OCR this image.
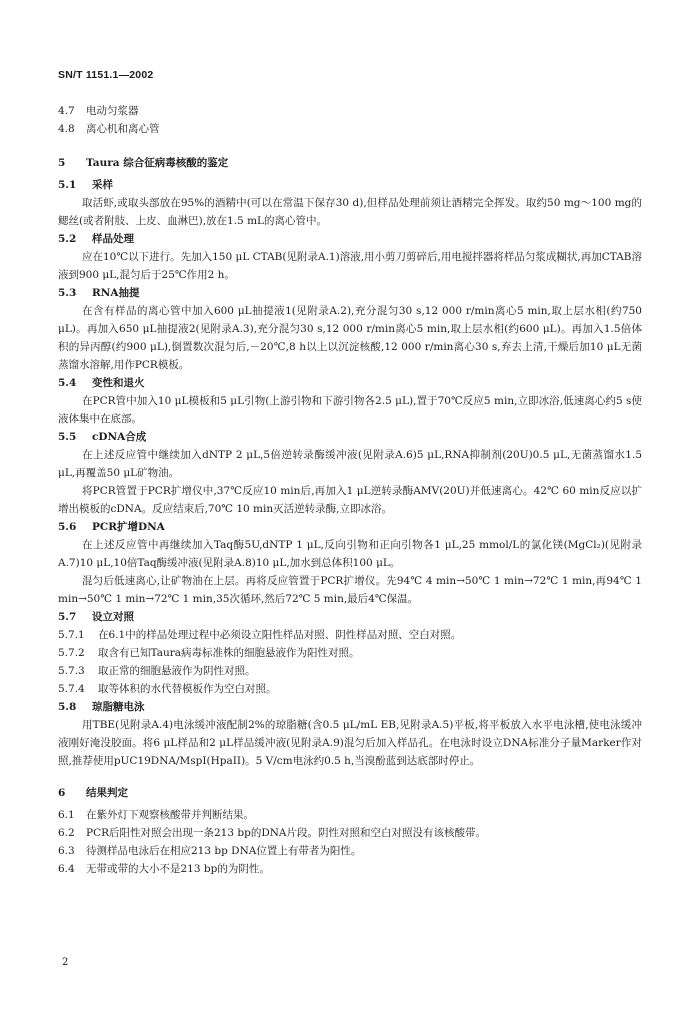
SN/T 1151.1—2002
4.7	电动匀浆器
4.8	离心机和离心管
5	Taura 综合征病毒核酸的鉴定
5.1	采样
取活虾,或取头部放在95%的酒精中(可以在常温下保存30 d),但样品处理前须让酒精完全挥发。取约50 mg～100 mg的鳃丝(或者附肢、上皮、血淋巴),放在1.5 mL的离心管中。
5.2	样品处理
应在10℃以下进行。先加入150 μL CTAB(见附录A.1)溶液,用小剪刀剪碎后,用电搅拌器将样品匀浆成糊状,再加CTAB溶液到900 μL,混匀后于25℃作用2 h。
5.3	RNA抽提
在含有样品的离心管中加入600 μL抽提液1(见附录A.2),充分混匀30 s,12 000 r/min离心5 min,取上层水相(约750 μL)。再加入650 μL抽提液2(见附录A.3),充分混匀30 s,12 000 r/min离心5 min,取上层水相(约600 μL)。再加入1.5倍体积的异丙醇(约900 μL),倒置数次混匀后,－20℃,8 h以上以沉淀核酸,12 000 r/min离心30 s,弃去上清,干燥后加10 μL无菌蒸馏水溶解,用作PCR模板。
5.4	变性和退火
在PCR管中加入10 μL模板和5 μL引物(上游引物和下游引物各2.5 μL),置于70℃反应5 min,立即冰浴,低速离心约5 s使液体集中在底部。
5.5	cDNA合成
在上述反应管中继续加入dNTP 2 μL,5倍逆转录酶缓冲液(见附录A.6)5 μL,RNA抑制剂(20U)0.5 μL,无菌蒸馏水1.5 μL,再覆盖50 μL矿物油。
将PCR管置于PCR扩增仪中,37℃反应10 min后,再加入1 μL逆转录酶AMV(20U)并低速离心。42℃ 60 min反应以扩增出模板的cDNA。反应结束后,70℃ 10 min灭活逆转录酶,立即冰浴。
5.6	PCR扩增DNA
在上述反应管中再继续加入Taq酶5U,dNTP 1 μL,反向引物和正向引物各1 μL,25 mmol/L的氯化镁(MgCl₂)(见附录A.7)10 μL,10倍Taq酶缓冲液(见附录A.8)10 μL,加水到总体积100 μL。
混匀后低速离心,让矿物油在上层。再将反应管置于PCR扩增仪。先94℃ 4 min→50℃ 1 min→72℃ 1 min,再94℃ 1 min→50℃ 1 min→72℃ 1 min,35次循环,然后72℃ 5 min,最后4℃保温。
5.7	设立对照
5.7.1	在6.1中的样品处理过程中必须设立阳性样品对照、阴性样品对照、空白对照。
5.7.2	取含有已知Taura病毒标准株的细胞悬液作为阳性对照。
5.7.3	取正常的细胞悬液作为阴性对照。
5.7.4	取等体积的水代替模板作为空白对照。
5.8	琼脂糖电泳
用TBE(见附录A.4)电泳缓冲液配制2%的琼脂糖(含0.5 μL/mL EB,见附录A.5)平板,将平板放入水平电泳槽,使电泳缓冲液刚好淹没胶面。将6 μL样品和2 μL样品缓冲液(见附录A.9)混匀后加入样品孔。在电泳时设立DNA标准分子量Marker作对照,推荐使用pUC19DNA/MspI(HpaII)。5 V/cm电泳约0.5 h,当溴酚蓝到达底部时停止。
6	结果判定
6.1	在紫外灯下观察核酸带并判断结果。
6.2	PCR后阳性对照会出现一条213 bp的DNA片段。阴性对照和空白对照没有该核酸带。
6.3	待测样品电泳后在相应213 bp DNA位置上有带者为阳性。
6.4	无带或带的大小不是213 bp的为阴性。
2
